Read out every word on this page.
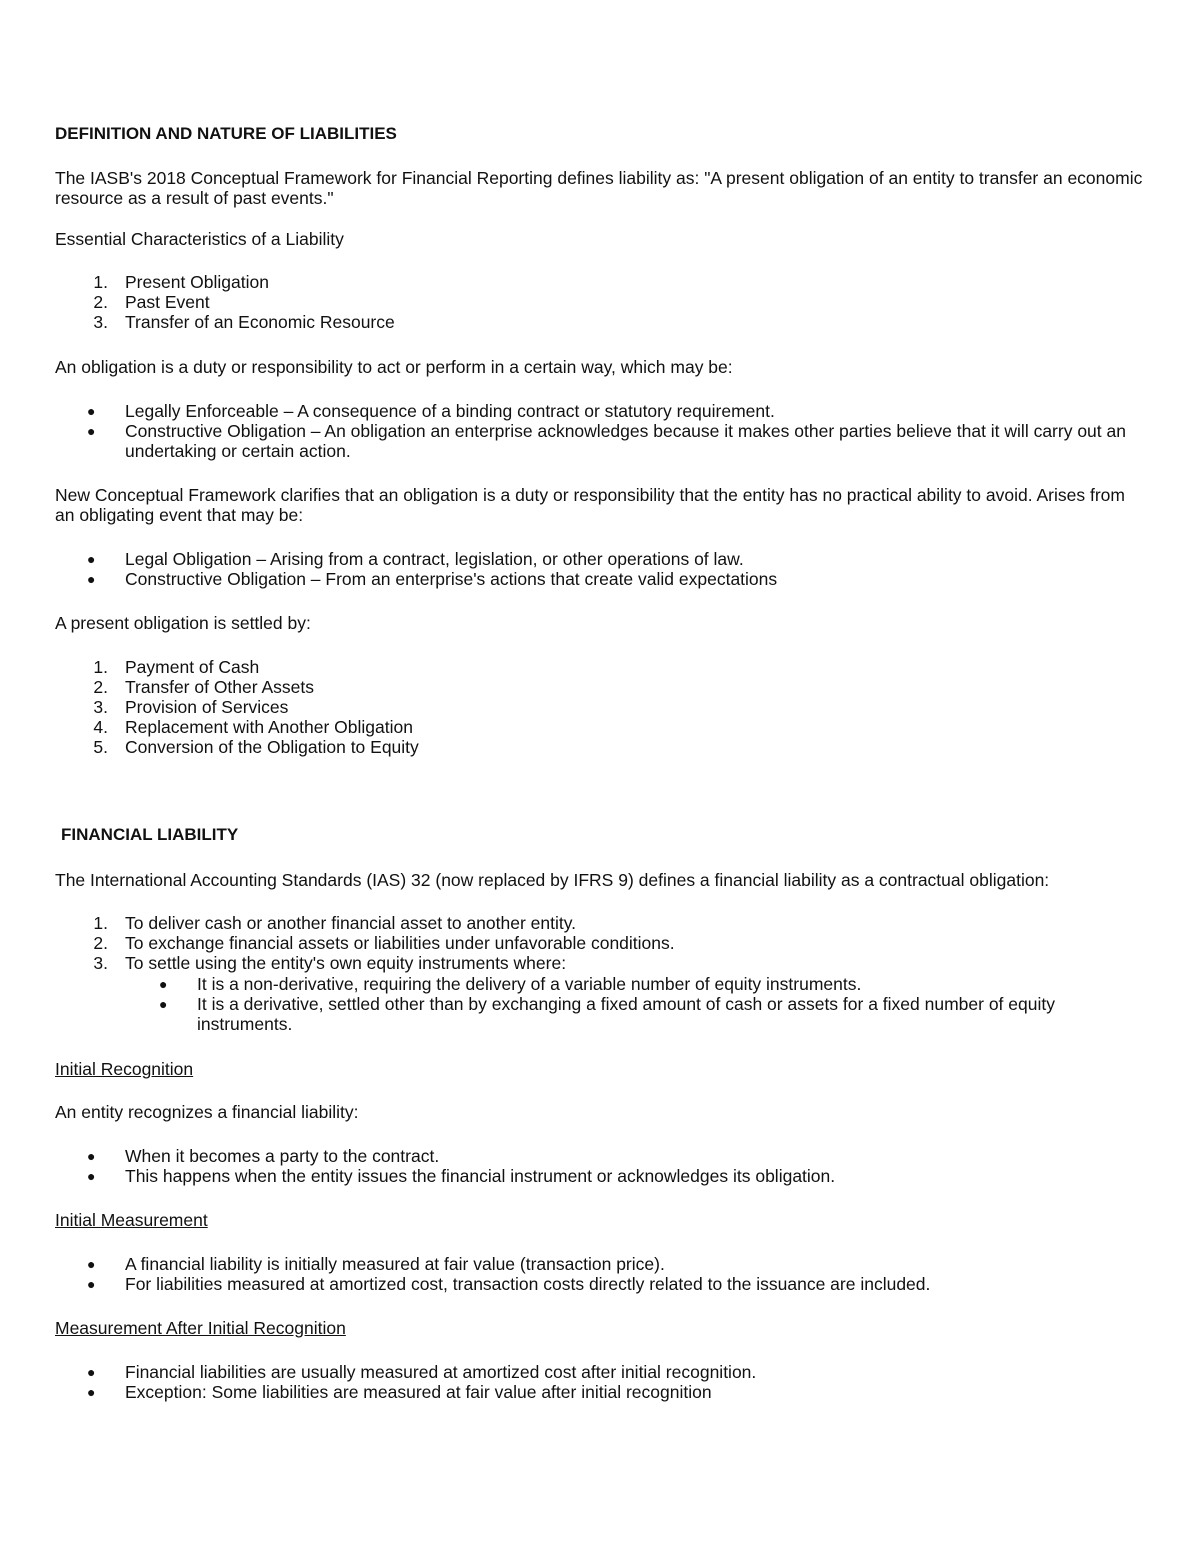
DEFINITION AND NATURE OF LIABILITIES
The IASB's 2018 Conceptual Framework for Financial Reporting defines liability as: "A present obligation of an entity to transfer an economic resource as a result of past events."
Essential Characteristics of a Liability
1. Present Obligation
2. Past Event
3. Transfer of an Economic Resource
An obligation is a duty or responsibility to act or perform in a certain way, which may be:
● Legally Enforceable – A consequence of a binding contract or statutory requirement.
● Constructive Obligation – An obligation an enterprise acknowledges because it makes other parties believe that it will carry out an undertaking or certain action.
New Conceptual Framework clarifies that an obligation is a duty or responsibility that the entity has no practical ability to avoid. Arises from an obligating event that may be:
● Legal Obligation – Arising from a contract, legislation, or other operations of law.
● Constructive Obligation – From an enterprise's actions that create valid expectations
A present obligation is settled by:
1. Payment of Cash
2. Transfer of Other Assets
3. Provision of Services
4. Replacement with Another Obligation
5. Conversion of the Obligation to Equity
FINANCIAL LIABILITY
The International Accounting Standards (IAS) 32 (now replaced by IFRS 9) defines a financial liability as a contractual obligation:
1. To deliver cash or another financial asset to another entity.
2. To exchange financial assets or liabilities under unfavorable conditions.
3. To settle using the entity's own equity instruments where:
● It is a non-derivative, requiring the delivery of a variable number of equity instruments.
● It is a derivative, settled other than by exchanging a fixed amount of cash or assets for a fixed number of equity instruments.
Initial Recognition
An entity recognizes a financial liability:
● When it becomes a party to the contract.
● This happens when the entity issues the financial instrument or acknowledges its obligation.
Initial Measurement
● A financial liability is initially measured at fair value (transaction price).
● For liabilities measured at amortized cost, transaction costs directly related to the issuance are included.
Measurement After Initial Recognition
● Financial liabilities are usually measured at amortized cost after initial recognition.
● Exception: Some liabilities are measured at fair value after initial recognition
